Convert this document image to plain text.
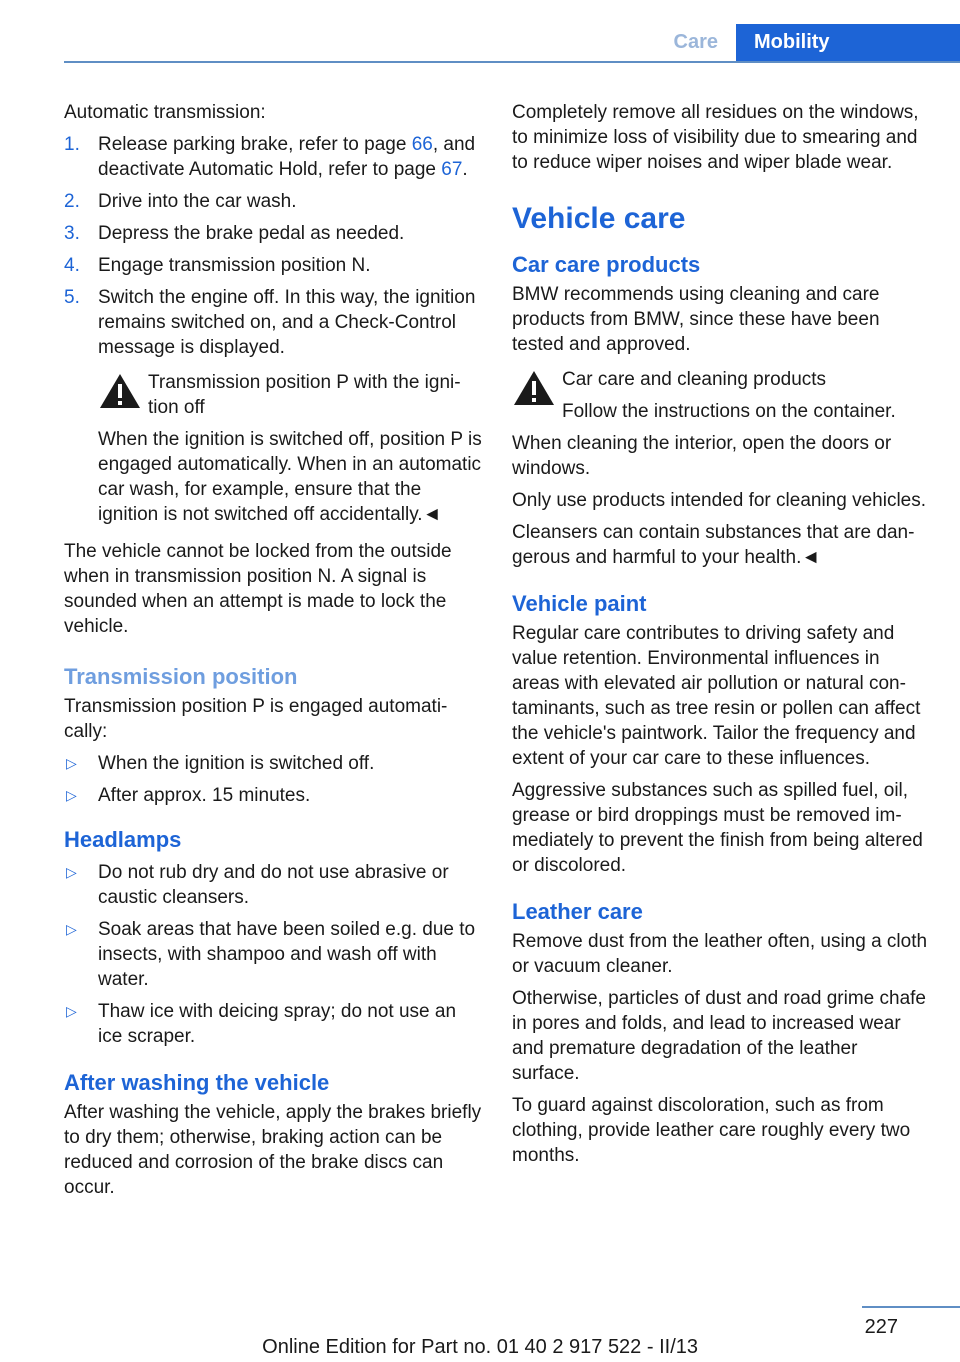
Care	Mobility

Automatic transmission:

1. Release parking brake, refer to page 66, and deactivate Automatic Hold, refer to page 67.
2. Drive into the car wash.
3. Depress the brake pedal as needed.
4. Engage transmission position N.
5. Switch the engine off. In this way, the ignition remains switched on, and a Check-Control message is displayed.
Transmission position P with the ignition off
When the ignition is switched off, position P is engaged automatically. When in an automatic car wash, for example, ensure that the ignition is not switched off accidentally.◄

The vehicle cannot be locked from the outside when in transmission position N. A signal is sounded when an attempt is made to lock the vehicle.

Transmission position

Transmission position P is engaged automatically:

▷ When the ignition is switched off.
▷ After approx. 15 minutes.
Headlamps
▷ Do not rub dry and do not use abrasive or caustic cleansers.
▷ Soak areas that have been soiled e.g. due to insects, with shampoo and wash off with water.
▷ Thaw ice with deicing spray; do not use an ice scraper.
After washing the vehicle

After washing the vehicle, apply the brakes briefly to dry them; otherwise, braking action can be reduced and corrosion of the brake discs can occur.

Completely remove all residues on the windows, to minimize loss of visibility due to smearing and to reduce wiper noises and wiper blade wear.

Vehicle care
Car care products

BMW recommends using cleaning and care products from BMW, since these have been tested and approved.

Car care and cleaning products
Follow the instructions on the container.

When cleaning the interior, open the doors or windows.

Only use products intended for cleaning vehicles.

Cleansers can contain substances that are dangerous and harmful to your health.◄

Vehicle paint

Regular care contributes to driving safety and value retention. Environmental influences in areas with elevated air pollution or natural contaminants, such as tree resin or pollen can affect the vehicle's paintwork. Tailor the frequency and extent of your car care to these influences.

Aggressive substances such as spilled fuel, oil, grease or bird droppings must be removed immediately to prevent the finish from being altered or discolored.

Leather care

Remove dust from the leather often, using a cloth or vacuum cleaner.

Otherwise, particles of dust and road grime chafe in pores and folds, and lead to increased wear and premature degradation of the leather surface.

To guard against discoloration, such as from clothing, provide leather care roughly every two months.

227
Online Edition for Part no. 01 40 2 917 522 - II/13
